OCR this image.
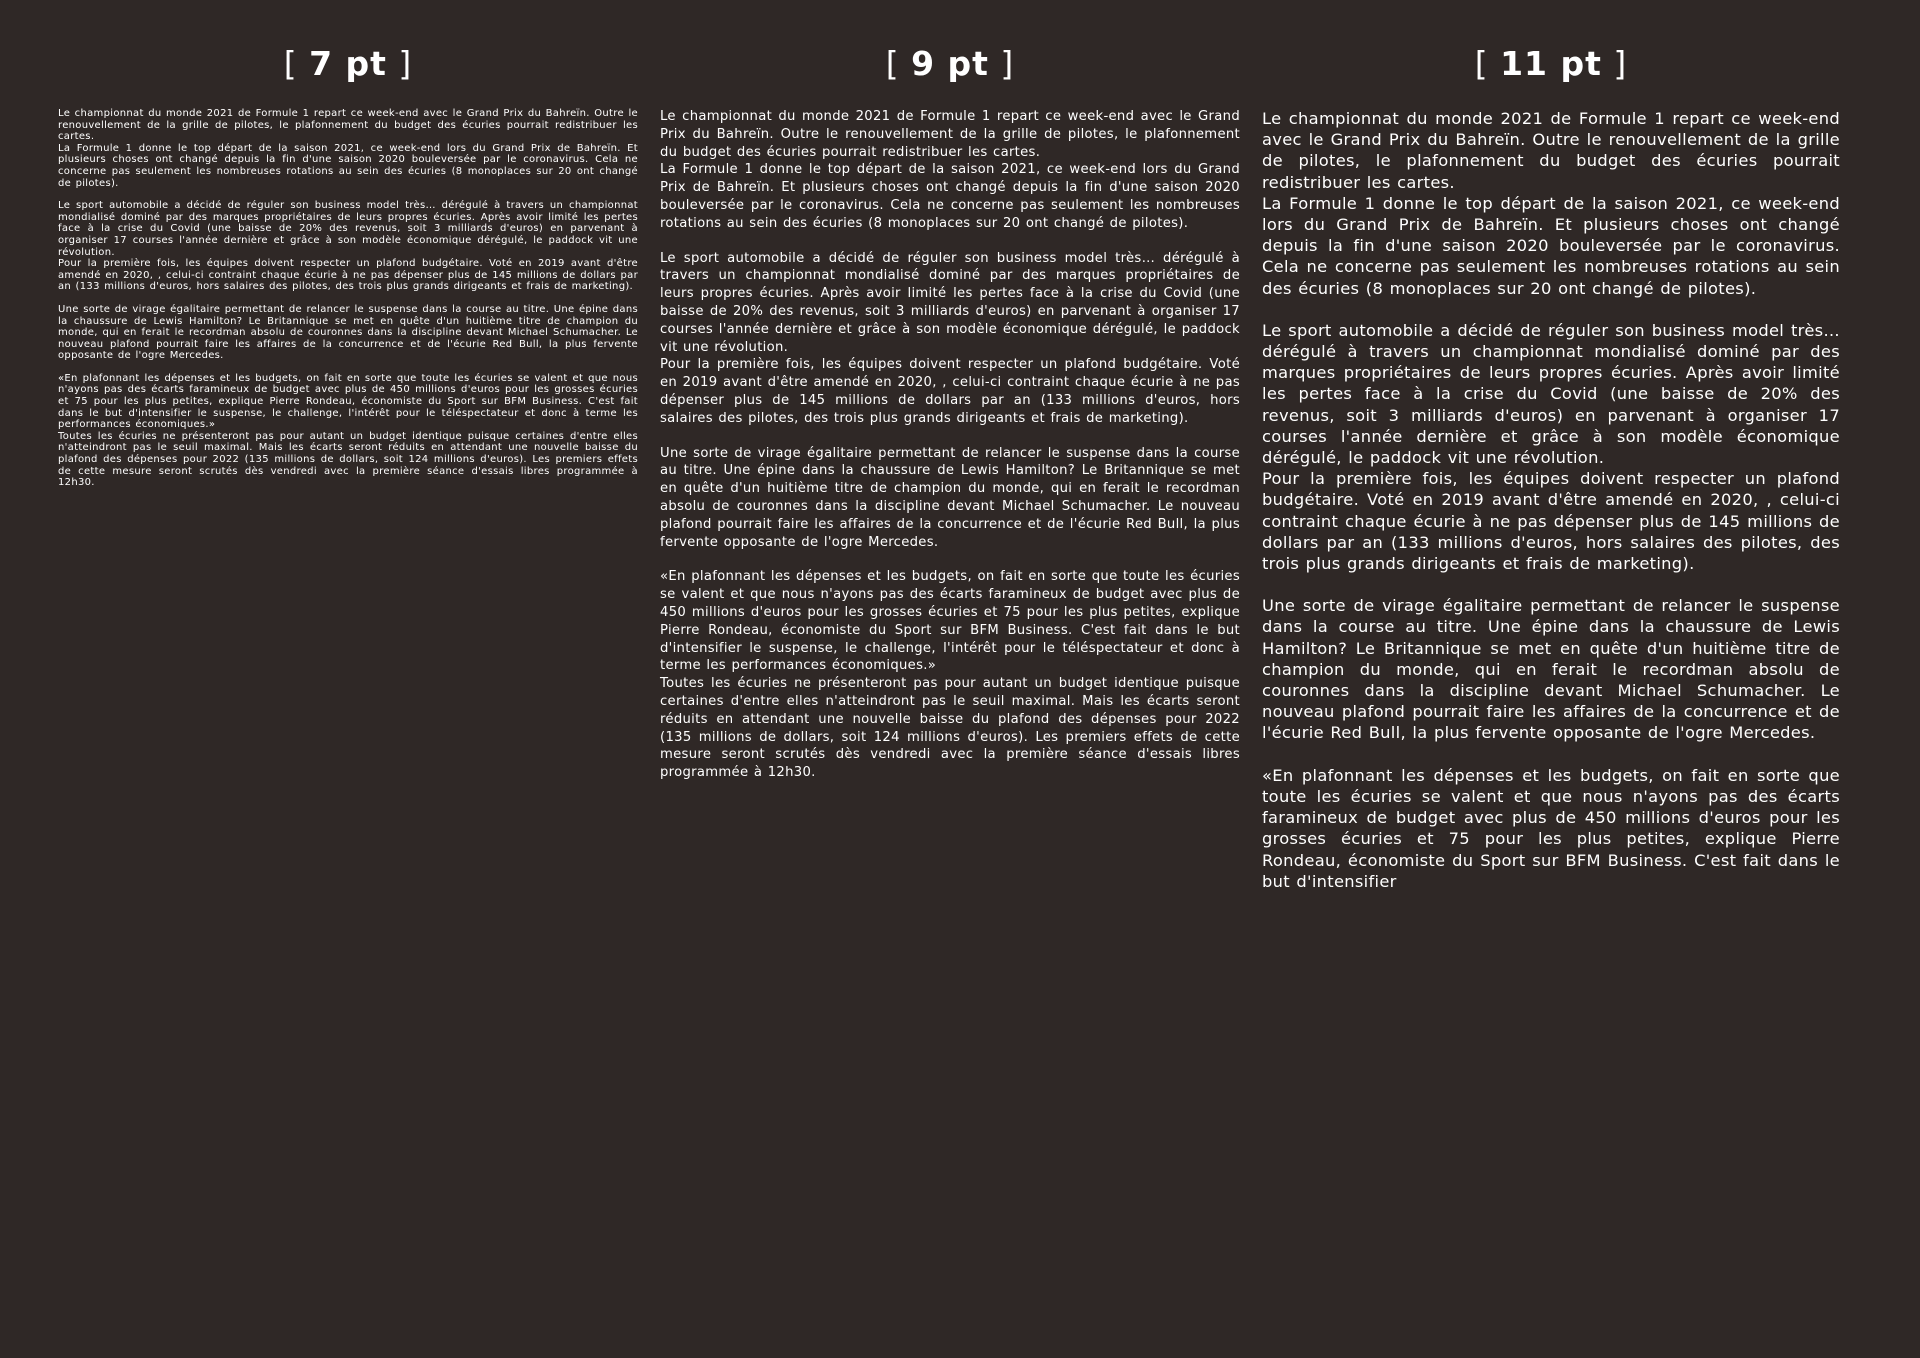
[ 7 pt ]

Le championnat du monde 2021 de Formule 1 repart ce week-end avec le Grand Prix du Bahreïn. Outre le renouvellement de la grille de pilotes, le plafonnement du budget des écuries pourrait redistribuer les cartes.

La Formule 1 donne le top départ de la saison 2021, ce week-end lors du Grand Prix de Bahreïn. Et plusieurs choses ont changé depuis la fin d'une saison 2020 bouleversée par le coronavirus. Cela ne concerne pas seulement les nombreuses rotations au sein des écuries (8 monoplaces sur 20 ont changé de pilotes).

Le sport automobile a décidé de réguler son business model très… dérégulé à travers un championnat mondialisé dominé par des marques propriétaires de leurs propres écuries. Après avoir limité les pertes face à la crise du Covid (une baisse de 20% des revenus, soit 3 milliards d'euros) en parvenant à organiser 17 courses l'année dernière et grâce à son modèle économique dérégulé, le paddock vit une révolution.

Pour la première fois, les équipes doivent respecter un plafond budgétaire. Voté en 2019 avant d'être amendé en 2020, , celui-ci contraint chaque écurie à ne pas dépenser plus de 145 millions de dollars par an (133 millions d'euros, hors salaires des pilotes, des trois plus grands dirigeants et frais de marketing).

Une sorte de virage égalitaire permettant de relancer le suspense dans la course au titre. Une épine dans la chaussure de Lewis Hamilton? Le Britannique se met en quête d'un huitième titre de champion du monde, qui en ferait le recordman absolu de couronnes dans la discipline devant Michael Schumacher. Le nouveau plafond pourrait faire les affaires de la concurrence et de l'écurie Red Bull, la plus fervente opposante de l'ogre Mercedes.

«En plafonnant les dépenses et les budgets, on fait en sorte que toute les écuries se valent et que nous n'ayons pas des écarts faramineux de budget avec plus de 450 millions d'euros pour les grosses écuries et 75 pour les plus petites, explique Pierre Rondeau, économiste du Sport sur BFM Business. C'est fait dans le but d'intensifier le suspense, le challenge, l'intérêt pour le téléspectateur et donc à terme les performances économiques.»

Toutes les écuries ne présenteront pas pour autant un budget identique puisque certaines d'entre elles n'atteindront pas le seuil maximal. Mais les écarts seront réduits en attendant une nouvelle baisse du plafond des dépenses pour 2022 (135 millions de dollars, soit 124 millions d'euros). Les premiers effets de cette mesure seront scrutés dès vendredi avec la première séance d'essais libres programmée à 12h30.

[ 9 pt ]

Le championnat du monde 2021 de Formule 1 repart ce week-end avec le Grand Prix du Bahreïn. Outre le renouvellement de la grille de pilotes, le plafonnement du budget des écuries pourrait redistribuer les cartes.

La Formule 1 donne le top départ de la saison 2021, ce week-end lors du Grand Prix de Bahreïn. Et plusieurs choses ont changé depuis la fin d'une saison 2020 bouleversée par le coronavirus. Cela ne concerne pas seulement les nombreuses rotations au sein des écuries (8 monoplaces sur 20 ont changé de pilotes).

Le sport automobile a décidé de réguler son business model très… dérégulé à travers un championnat mondialisé dominé par des marques propriétaires de leurs propres écuries. Après avoir limité les pertes face à la crise du Covid (une baisse de 20% des revenus, soit 3 milliards d'euros) en parvenant à organiser 17 courses l'année dernière et grâce à son modèle économique dérégulé, le paddock vit une révolution.

Pour la première fois, les équipes doivent respecter un plafond budgétaire. Voté en 2019 avant d'être amendé en 2020, , celui-ci contraint chaque écurie à ne pas dépenser plus de 145 millions de dollars par an (133 millions d'euros, hors salaires des pilotes, des trois plus grands dirigeants et frais de marketing).

Une sorte de virage égalitaire permettant de relancer le suspense dans la course au titre. Une épine dans la chaussure de Lewis Hamilton? Le Britannique se met en quête d'un huitième titre de champion du monde, qui en ferait le recordman absolu de couronnes dans la discipline devant Michael Schumacher. Le nouveau plafond pourrait faire les affaires de la concurrence et de l'écurie Red Bull, la plus fervente opposante de l'ogre Mercedes.

«En plafonnant les dépenses et les budgets, on fait en sorte que toute les écuries se valent et que nous n'ayons pas des écarts faramineux de budget avec plus de 450 millions d'euros pour les grosses écuries et 75 pour les plus petites, explique Pierre Rondeau, économiste du Sport sur BFM Business. C'est fait dans le but d'intensifier le suspense, le challenge, l'intérêt pour le téléspectateur et donc à terme les performances économiques.»

Toutes les écuries ne présenteront pas pour autant un budget identique puisque certaines d'entre elles n'atteindront pas le seuil maximal. Mais les écarts seront réduits en attendant une nouvelle baisse du plafond des dépenses pour 2022 (135 millions de dollars, soit 124 millions d'euros). Les premiers effets de cette mesure seront scrutés dès vendredi avec la première séance d'essais libres programmée à 12h30.

[ 11 pt ]

Le championnat du monde 2021 de Formule 1 repart ce week-end avec le Grand Prix du Bahreïn. Outre le renouvellement de la grille de pilotes, le plafonnement du budget des écuries pourrait redistribuer les cartes.

La Formule 1 donne le top départ de la saison 2021, ce week-end lors du Grand Prix de Bahreïn. Et plusieurs choses ont changé depuis la fin d'une saison 2020 bouleversée par le coronavirus. Cela ne concerne pas seulement les nombreuses rotations au sein des écuries (8 monoplaces sur 20 ont changé de pilotes).

Le sport automobile a décidé de réguler son business model très… dérégulé à travers un championnat mondialisé dominé par des marques propriétaires de leurs propres écuries. Après avoir limité les pertes face à la crise du Covid (une baisse de 20% des revenus, soit 3 milliards d'euros) en parvenant à organiser 17 courses l'année dernière et grâce à son modèle économique dérégulé, le paddock vit une révolution.

Pour la première fois, les équipes doivent respecter un plafond budgétaire. Voté en 2019 avant d'être amendé en 2020, , celui-ci contraint chaque écurie à ne pas dépenser plus de 145 millions de dollars par an (133 millions d'euros, hors salaires des pilotes, des trois plus grands dirigeants et frais de marketing).

Une sorte de virage égalitaire permettant de relancer le suspense dans la course au titre. Une épine dans la chaussure de Lewis Hamilton? Le Britannique se met en quête d'un huitième titre de champion du monde, qui en ferait le recordman absolu de couronnes dans la discipline devant Michael Schumacher. Le nouveau plafond pourrait faire les affaires de la concurrence et de l'écurie Red Bull, la plus fervente opposante de l'ogre Mercedes.

«En plafonnant les dépenses et les budgets, on fait en sorte que toute les écuries se valent et que nous n'ayons pas des écarts faramineux de budget avec plus de 450 millions d'euros pour les grosses écuries et 75 pour les plus petites, explique Pierre Rondeau, économiste du Sport sur BFM Business. C'est fait dans le but d'intensifier
